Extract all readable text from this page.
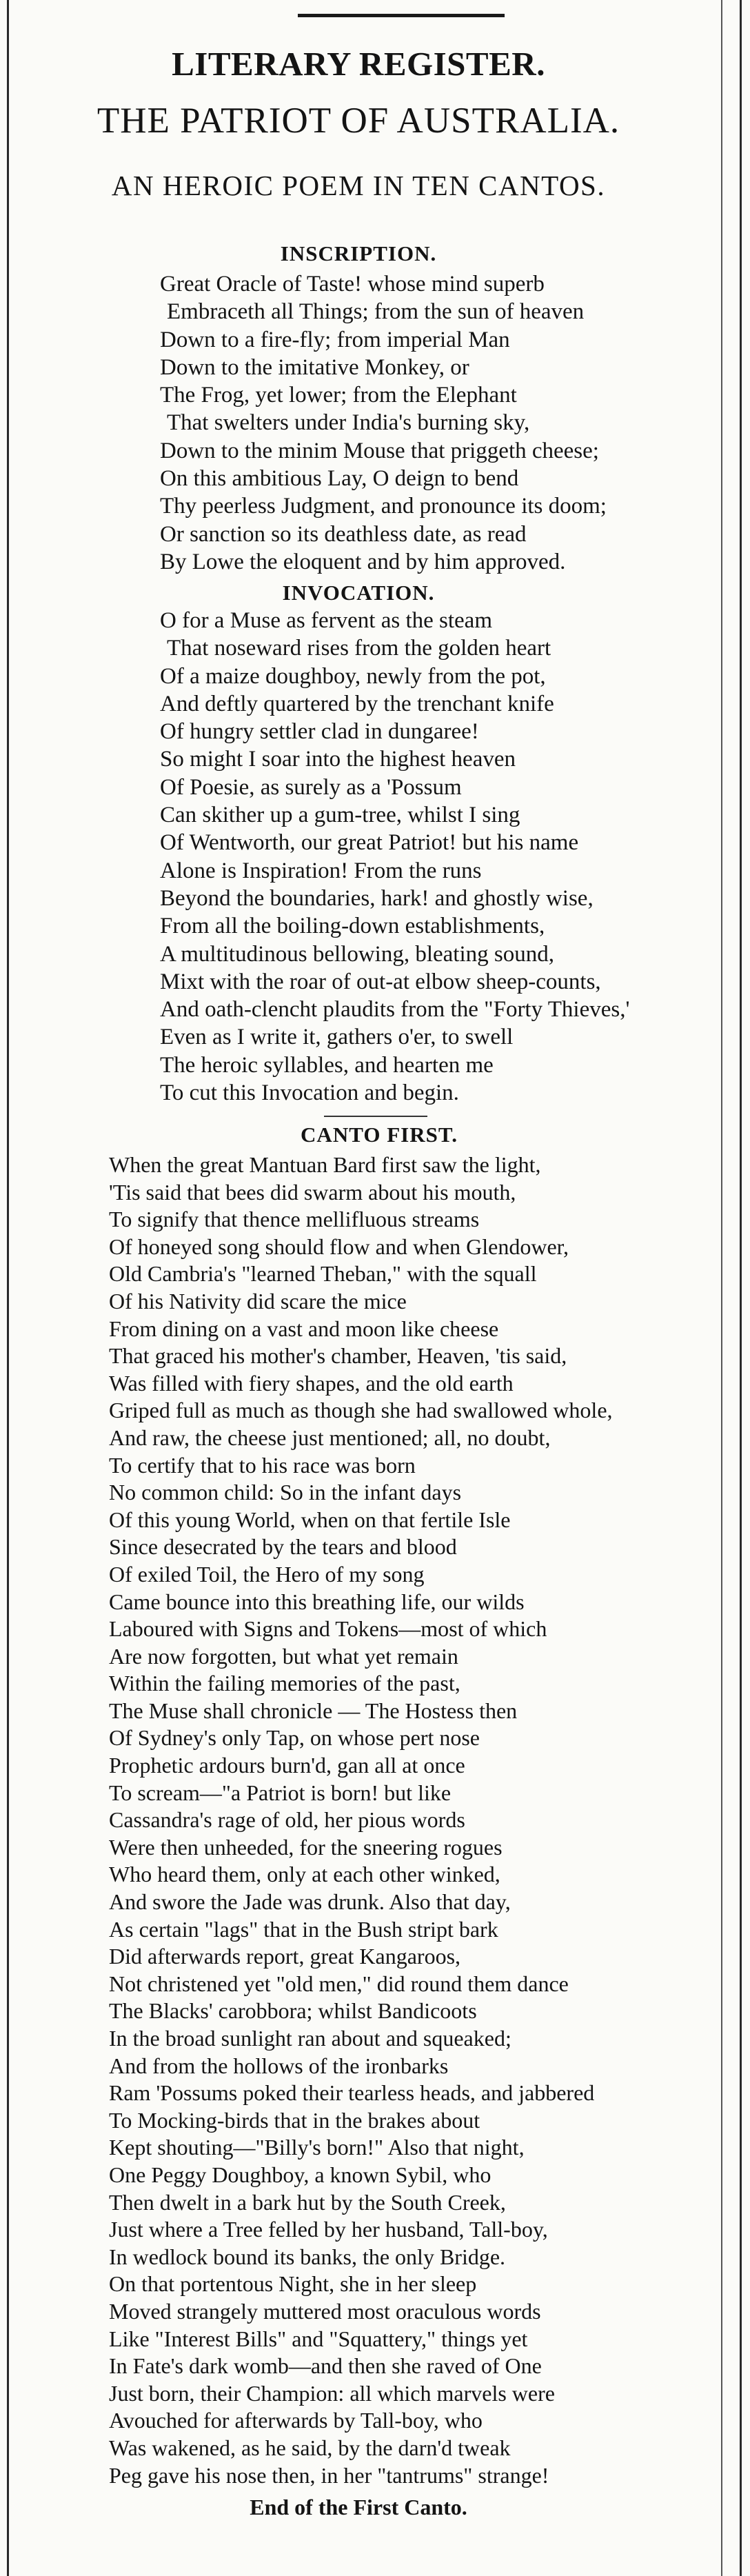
LITERARY REGISTER.
THE PATRIOT OF AUSTRALIA.
AN HEROIC POEM IN TEN CANTOS.
INSCRIPTION.
Great Oracle of Taste! whose mind superb
Embraceth all Things; from the sun of heaven
Down to a fire-fly; from imperial Man
Down to the imitative Monkey, or
The Frog, yet lower; from the Elephant
That swelters under India's burning sky,
Down to the minim Mouse that priggeth cheese;
On this ambitious Lay, O deign to bend
Thy peerless Judgment, and pronounce its doom;
Or sanction so its deathless date, as read
By Lowe the eloquent and by him approved.
INVOCATION.
O for a Muse as fervent as the steam
That noseward rises from the golden heart
Of a maize doughboy, newly from the pot,
And deftly quartered by the trenchant knife
Of hungry settler clad in dungaree!
So might I soar into the highest heaven
Of Poesie, as surely as a 'Possum
Can skither up a gum-tree, whilst I sing
Of Wentworth, our great Patriot! but his name
Alone is Inspiration! From the runs
Beyond the boundaries, hark! and ghostly wise,
From all the boiling-down establishments,
A multitudinous bellowing, bleating sound,
Mixt with the roar of out-at elbow sheep-counts,
And oath-clencht plaudits from the "Forty Thieves,'
Even as I write it, gathers o'er, to swell
The heroic syllables, and hearten me
To cut this Invocation and begin.
CANTO FIRST.
When the great Mantuan Bard first saw the light,
'Tis said that bees did swarm about his mouth,
To signify that thence mellifluous streams
Of honeyed song should flow and when Glendower,
Old Cambria's "learned Theban," with the squall
Of his Nativity did scare the mice
From dining on a vast and moon like cheese
That graced his mother's chamber, Heaven, 'tis said,
Was filled with fiery shapes, and the old earth
Griped full as much as though she had swallowed whole,
And raw, the cheese just mentioned; all, no doubt,
To certify that to his race was born
No common child: So in the infant days
Of this young World, when on that fertile Isle
Since desecrated by the tears and blood
Of exiled Toil, the Hero of my song
Came bounce into this breathing life, our wilds
Laboured with Signs and Tokens—most of which
Are now forgotten, but what yet remain
Within the failing memories of the past,
The Muse shall chronicle — The Hostess then
Of Sydney's only Tap, on whose pert nose
Prophetic ardours burn'd, gan all at once
To scream—"a Patriot is born! but like
Cassandra's rage of old, her pious words
Were then unheeded, for the sneering rogues
Who heard them, only at each other winked,
And swore the Jade was drunk. Also that day,
As certain "lags" that in the Bush stript bark
Did afterwards report, great Kangaroos,
Not christened yet "old men," did round them dance
The Blacks' carobbora; whilst Bandicoots
In the broad sunlight ran about and squeaked;
And from the hollows of the ironbarks
Ram 'Possums poked their tearless heads, and jabbered
To Mocking-birds that in the brakes about
Kept shouting—"Billy's born!" Also that night,
One Peggy Doughboy, a known Sybil, who
Then dwelt in a bark hut by the South Creek,
Just where a Tree felled by her husband, Tall-boy,
In wedlock bound its banks, the only Bridge.
On that portentous Night, she in her sleep
Moved strangely muttered most oraculous words
Like "Interest Bills" and "Squattery," things yet
In Fate's dark womb—and then she raved of One
Just born, their Champion: all which marvels were
Avouched for afterwards by Tall-boy, who
Was wakened, as he said, by the darn'd tweak
Peg gave his nose then, in her "tantrums" strange!
End of the First Canto.
